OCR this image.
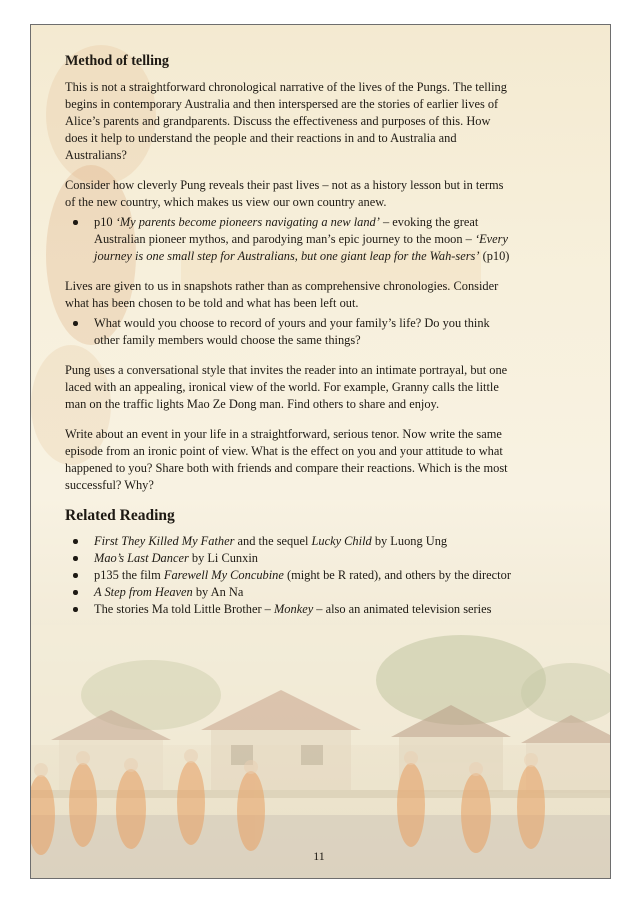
Method of telling

This is not a straightforward chronological narrative of the lives of the Pungs. The telling begins in contemporary Australia and then interspersed are the stories of earlier lives of Alice’s parents and grandparents. Discuss the effectiveness and purposes of this. How does it help to understand the people and their reactions in and to Australia and Australians?

Consider how cleverly Pung reveals their past lives – not as a history lesson but in terms of the new country, which makes us view our own country anew.

p10 ‘My parents become pioneers navigating a new land’ – evoking the great Australian pioneer mythos, and parodying man’s epic journey to the moon – ‘Every journey is one small step for Australians, but one giant leap for the Wah-sers’ (p10)

Lives are given to us in snapshots rather than as comprehensive chronologies. Consider what has been chosen to be told and what has been left out.

What would you choose to record of yours and your family’s life? Do you think other family members would choose the same things?

Pung uses a conversational style that invites the reader into an intimate portrayal, but one laced with an appealing, ironical view of the world. For example, Granny calls the little man on the traffic lights Mao Ze Dong man. Find others to share and enjoy.

Write about an event in your life in a straightforward, serious tenor. Now write the same episode from an ironic point of view. What is the effect on you and your attitude to what happened to you? Share both with friends and compare their reactions. Which is the most successful? Why?

Related Reading
First They Killed My Father and the sequel Lucky Child by Luong Ung
Mao’s Last Dancer by Li Cunxin
p135 the film Farewell My Concubine (might be R rated), and others by the director
A Step from Heaven by An Na
The stories Ma told Little Brother – Monkey – also an animated television series
11
